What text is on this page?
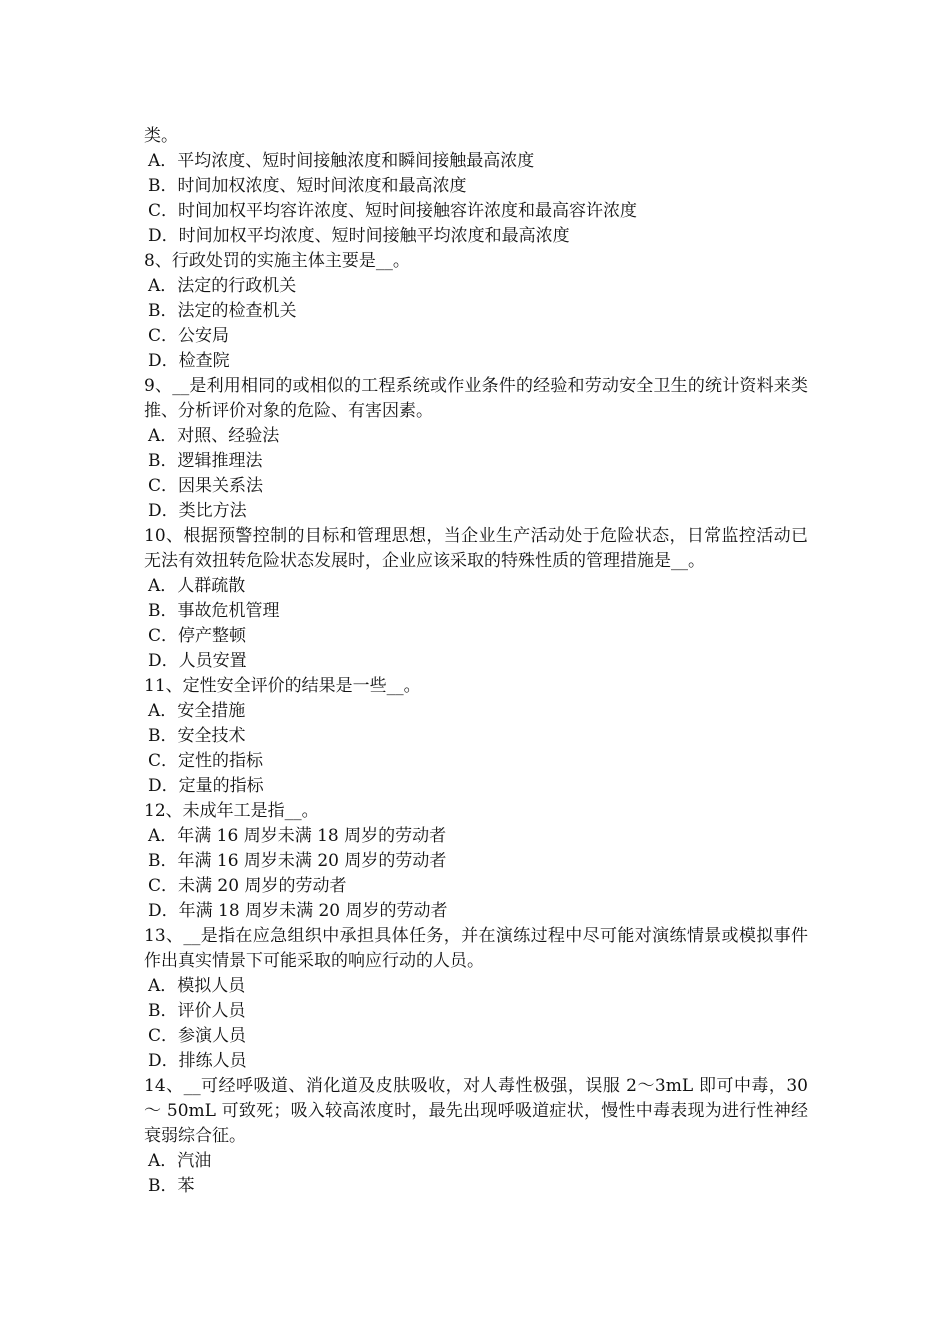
类。
A．平均浓度、短时间接触浓度和瞬间接触最高浓度
B．时间加权浓度、短时间浓度和最高浓度
C．时间加权平均容许浓度、短时间接触容许浓度和最高容许浓度
D．时间加权平均浓度、短时间接触平均浓度和最高浓度
8、行政处罚的实施主体主要是__。
A．法定的行政机关
B．法定的检查机关
C．公安局
D．检查院
9、__是利用相同的或相似的工程系统或作业条件的经验和劳动安全卫生的统计资料来类推、分析评价对象的危险、有害因素。
A．对照、经验法
B．逻辑推理法
C．因果关系法
D．类比方法
10、根据预警控制的目标和管理思想，当企业生产活动处于危险状态，日常监控活动已无法有效扭转危险状态发展时，企业应该采取的特殊性质的管理措施是__。
A．人群疏散
B．事故危机管理
C．停产整顿
D．人员安置
11、定性安全评价的结果是一些__。
A．安全措施
B．安全技术
C．定性的指标
D．定量的指标
12、未成年工是指__。
A．年满 16 周岁未满 18 周岁的劳动者
B．年满 16 周岁未满 20 周岁的劳动者
C．未满 20 周岁的劳动者
D．年满 18 周岁未满 20 周岁的劳动者
13、__是指在应急组织中承担具体任务，并在演练过程中尽可能对演练情景或模拟事件作出真实情景下可能采取的响应行动的人员。
A．模拟人员
B．评价人员
C．参演人员
D．排练人员
14、__可经呼吸道、消化道及皮肤吸收，对人毒性极强，误服 2～3mL 即可中毒，30～ 50mL 可致死；吸入较高浓度时，最先出现呼吸道症状，慢性中毒表现为进行性神经衰弱综合征。
A．汽油
B．苯
